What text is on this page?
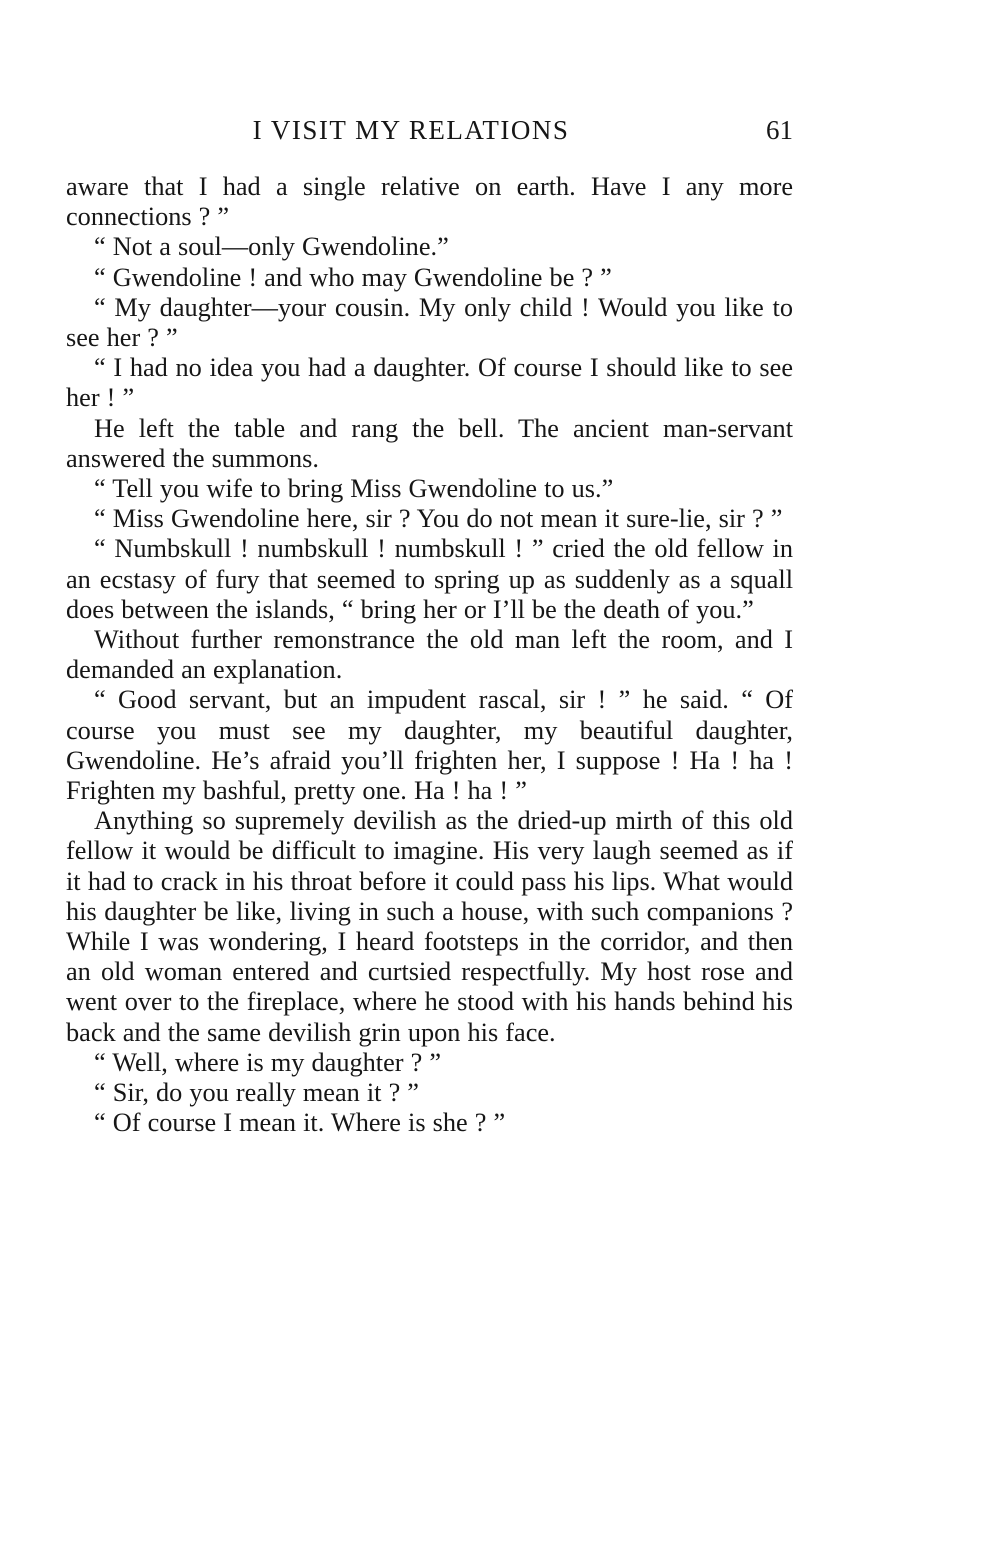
I VISIT MY RELATIONS	61

aware that I had a single relative on earth. Have I any more connections ? ”

“ Not a soul—only Gwendoline.”

“ Gwendoline ! and who may Gwendoline be ? ”

“ My daughter—your cousin. My only child ! Would you like to see her ? ”

“ I had no idea you had a daughter. Of course I should like to see her ! ”

He left the table and rang the bell. The ancient man-servant answered the summons.

“ Tell you wife to bring Miss Gwendoline to us.”

“ Miss Gwendoline here, sir ? You do not mean it sure-lie, sir ? ”

“ Numbskull ! numbskull ! numbskull ! ” cried the old fellow in an ecstasy of fury that seemed to spring up as suddenly as a squall does between the islands, “ bring her or I’ll be the death of you.”

Without further remonstrance the old man left the room, and I demanded an explanation.

“ Good servant, but an impudent rascal, sir ! ” he said. “ Of course you must see my daughter, my beautiful daughter, Gwendoline. He’s afraid you’ll frighten her, I suppose ! Ha ! ha ! Frighten my bashful, pretty one. Ha ! ha ! ”

Anything so supremely devilish as the dried-up mirth of this old fellow it would be difficult to imagine. His very laugh seemed as if it had to crack in his throat before it could pass his lips. What would his daughter be like, living in such a house, with such companions ? While I was wondering, I heard footsteps in the corridor, and then an old woman entered and curtsied respectfully. My host rose and went over to the fireplace, where he stood with his hands behind his back and the same devilish grin upon his face.

“ Well, where is my daughter ? ”

“ Sir, do you really mean it ? ”

“ Of course I mean it. Where is she ? ”
